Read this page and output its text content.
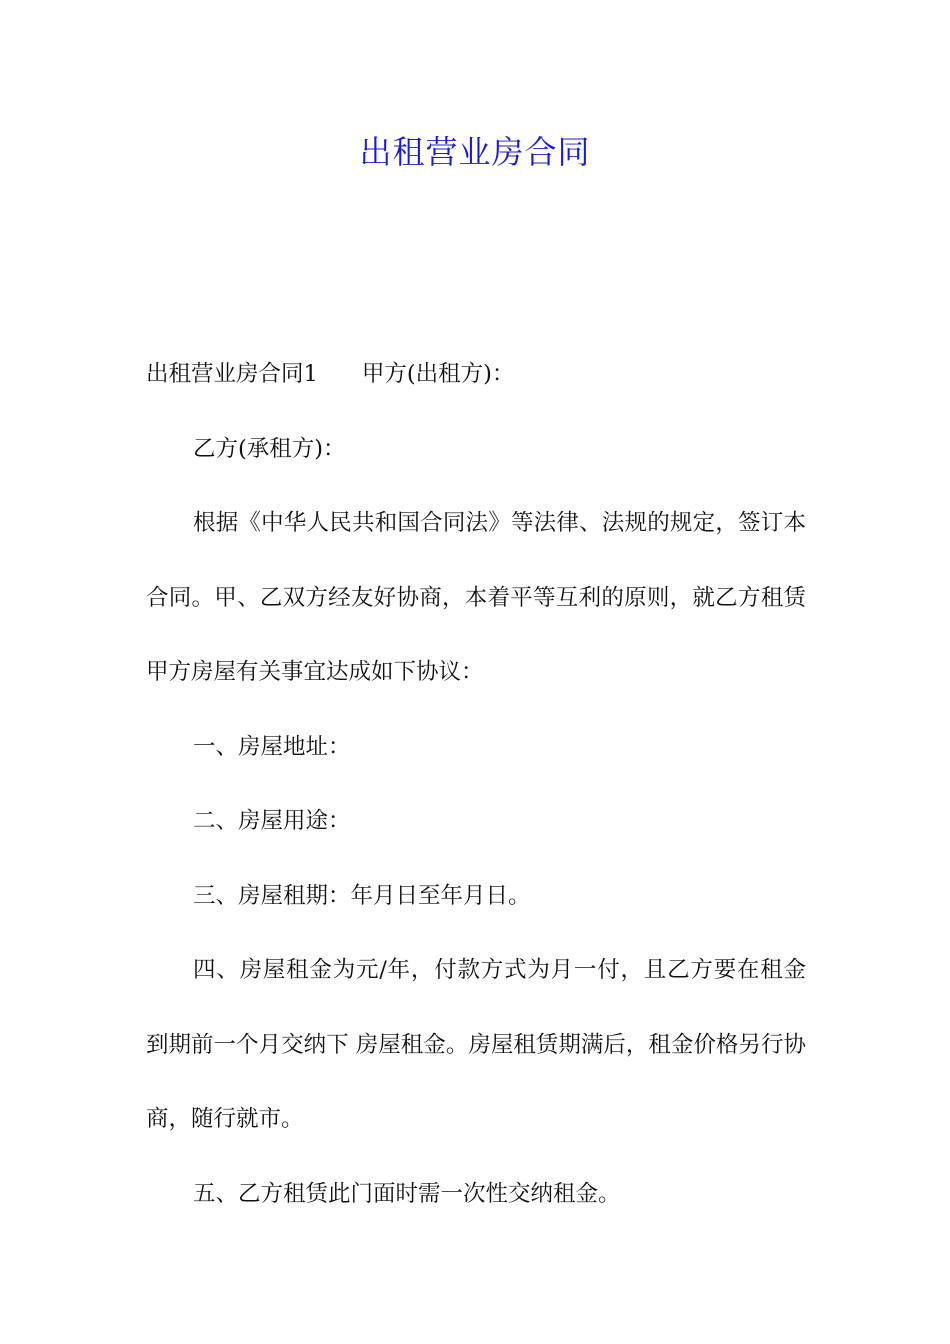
出租营业房合同

出租营业房合同1 甲方(出租方)：

乙方(承租方)：

根据《中华人民共和国合同法》等法律、法规的规定，签订本合同。甲、乙双方经友好协商，本着平等互利的原则，就乙方租赁甲方房屋有关事宜达成如下协议：

一、房屋地址：

二、房屋用途：

三、房屋租期：年月日至年月日。

四、房屋租金为元/年，付款方式为月一付，且乙方要在租金到期前一个月交纳下 房屋租金。房屋租赁期满后，租金价格另行协商，随行就市。

五、乙方租赁此门面时需一次性交纳租金。
